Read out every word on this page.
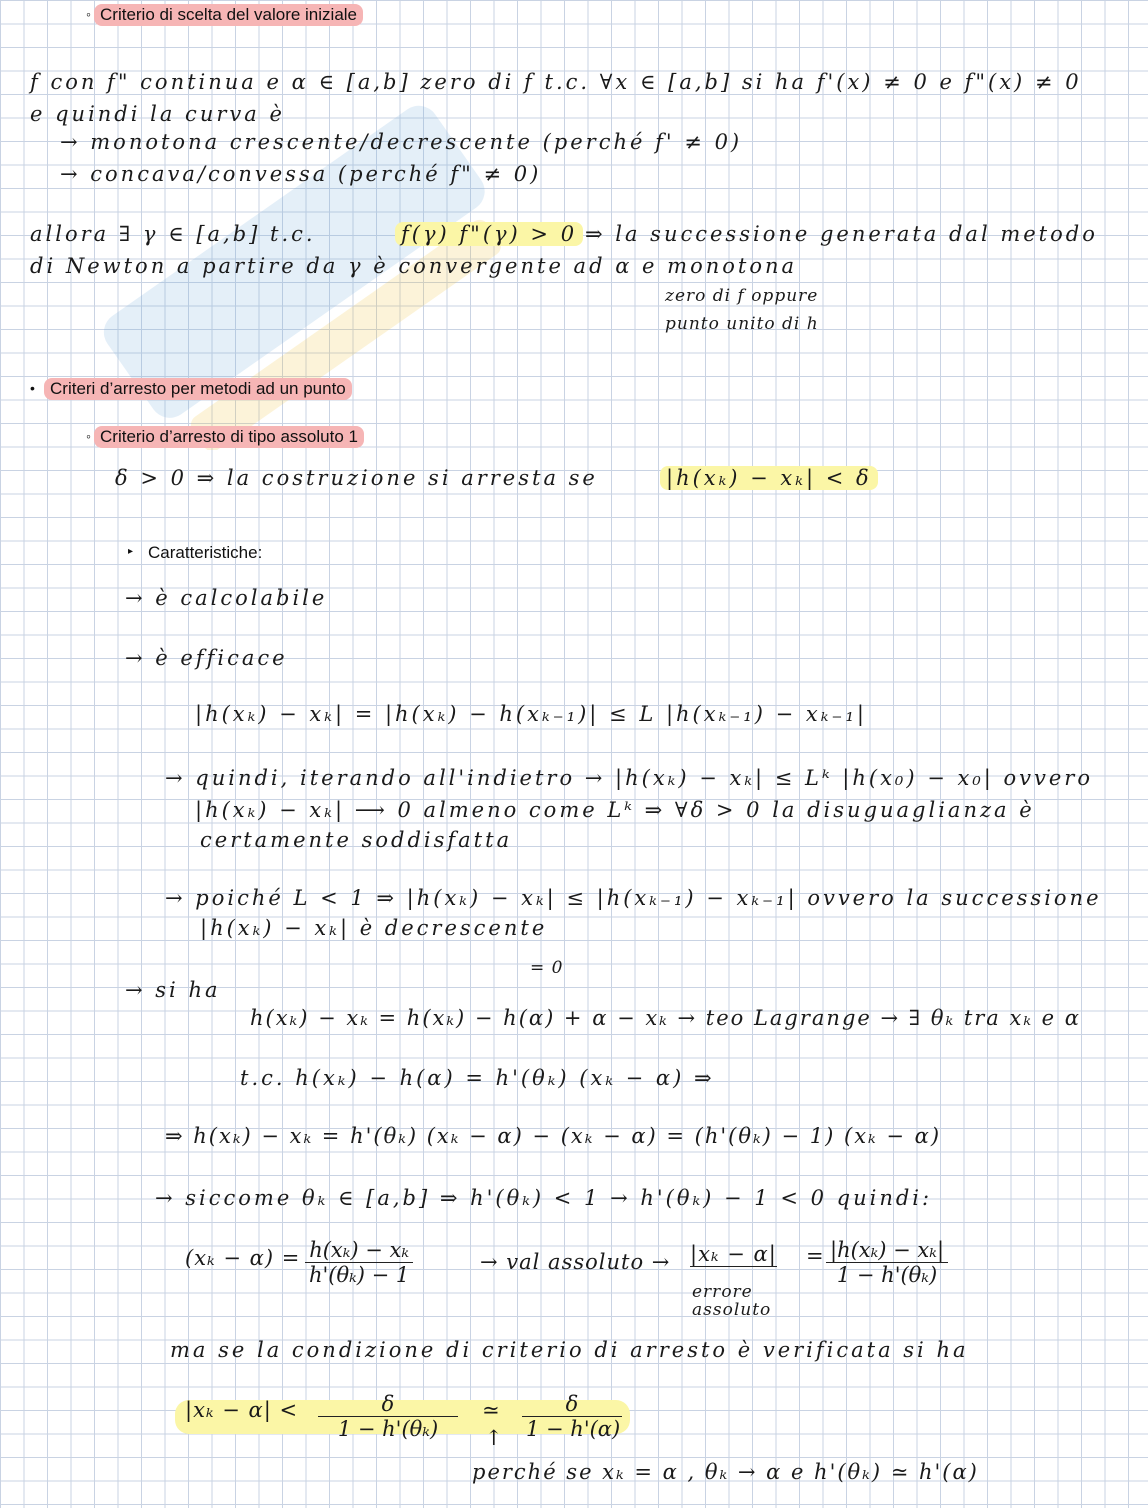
◦ Criterio di scelta del valore iniziale
f con f" continua e α ∈ [a,b] zero di f t.c. ∀x ∈ [a,b] si ha f'(x) ≠ 0 e f"(x) ≠ 0
e quindi la curva è
→ monotona crescente/decrescente (perché f' ≠ 0)
→ concava/convessa (perché f" ≠ 0)
allora ∃ γ ∈ [a,b] t.c.	f(γ) f"(γ) > 0 ⇒ la successione generata dal metodo
di Newton a partire da γ è convergente ad α e monotona
zero di f oppure
punto unito di h
• Criteri d’arresto per metodi ad un punto
◦ Criterio d’arresto di tipo assoluto 1
δ > 0 ⇒ la costruzione si arresta se	|h(xₖ) − xₖ| < δ
▸ Caratteristiche:
→ è calcolabile
→ è efficace
|h(xₖ) − xₖ| = |h(xₖ) − h(xₖ₋₁)| ≤ L |h(xₖ₋₁) − xₖ₋₁|
→ quindi, iterando all'indietro → |h(xₖ) − xₖ| ≤ Lᵏ |h(x₀) − x₀| ovvero
|h(xₖ) − xₖ| ⟶ 0 almeno come Lᵏ ⇒ ∀δ > 0 la disuguaglianza è
certamente soddisfatta
→ poiché L < 1 ⇒ |h(xₖ) − xₖ| ≤ |h(xₖ₋₁) − xₖ₋₁| ovvero la successione
|h(xₖ) − xₖ| è decrescente
→ si ha
= 0
h(xₖ) − xₖ = h(xₖ) − h(α) + α − xₖ → teo Lagrange → ∃ θₖ tra xₖ e α
t.c. h(xₖ) − h(α) = h'(θₖ) (xₖ − α) ⇒
⇒ h(xₖ) − xₖ = h'(θₖ) (xₖ − α) − (xₖ − α) = (h'(θₖ) − 1) (xₖ − α)
→ siccome θₖ ∈ [a,b] ⇒ h'(θₖ) < 1 → h'(θₖ) − 1 < 0 quindi:
$(x_k - \alpha) = \frac{\text{h(xₖ) − xₖ}}{\text{h'(θₖ) − 1}}$	→ val assoluto → |xₖ − α|
errore
assoluto
= $\frac{\text{|h(xₖ) − xₖ|}}{\text{1 − h'(θₖ)}}$
ma se la condizione di criterio di arresto è verificata si ha
$|x_k - \alpha| < \frac{\delta}{\text{1 − h'(θₖ)}}$ ≃ $\frac{\delta}{1 - h'(\alpha)}$
↑
perché se xₖ = α , θₖ → α e h'(θₖ) ≃ h'(α)
